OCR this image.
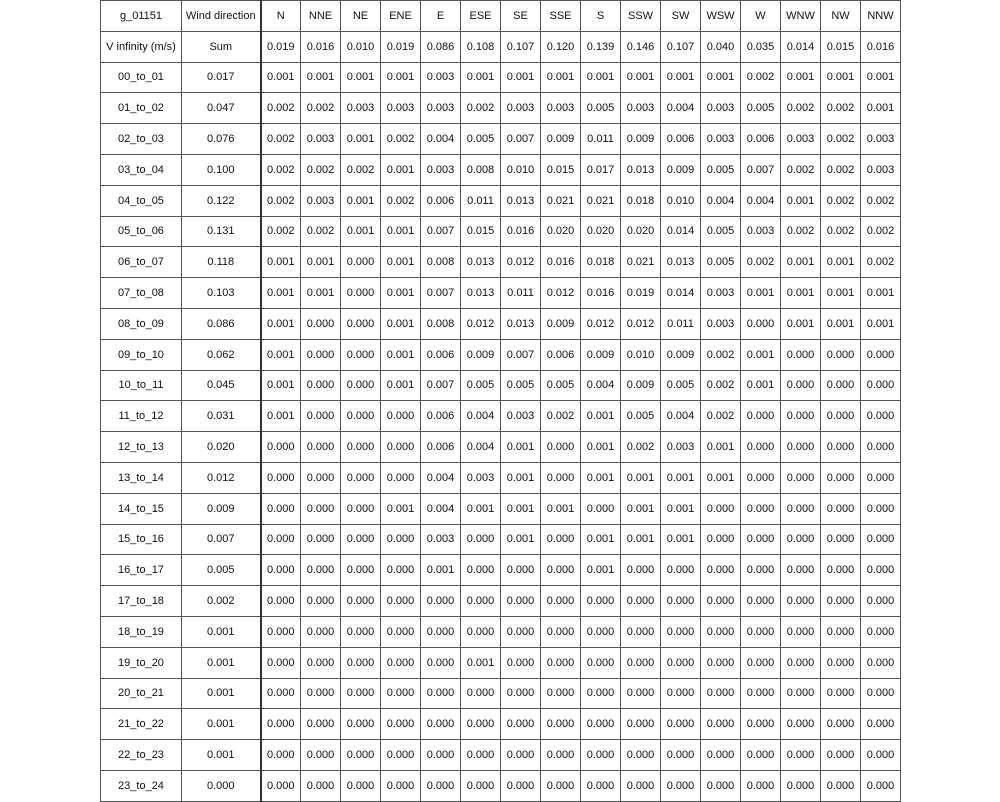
g_01151	Wind direction	N	NNE	NE	ENE	E	ESE	SE	SSE	S	SSW	SW	WSW	W	WNW	NW	NNW
V infinity (m/s)	Sum	0.019	0.016	0.010	0.019	0.086	0.108	0.107	0.120	0.139	0.146	0.107	0.040	0.035	0.014	0.015	0.016
00_to_01	0.017	0.001	0.001	0.001	0.001	0.003	0.001	0.001	0.001	0.001	0.001	0.001	0.001	0.002	0.001	0.001	0.001
01_to_02	0.047	0.002	0.002	0.003	0.003	0.003	0.002	0.003	0.003	0.005	0.003	0.004	0.003	0.005	0.002	0.002	0.001
02_to_03	0.076	0.002	0.003	0.001	0.002	0.004	0.005	0.007	0.009	0.011	0.009	0.006	0.003	0.006	0.003	0.002	0.003
03_to_04	0.100	0.002	0.002	0.002	0.001	0.003	0.008	0.010	0.015	0.017	0.013	0.009	0.005	0.007	0.002	0.002	0.003
04_to_05	0.122	0.002	0.003	0.001	0.002	0.006	0.011	0.013	0.021	0.021	0.018	0.010	0.004	0.004	0.001	0.002	0.002
05_to_06	0.131	0.002	0.002	0.001	0.001	0.007	0.015	0.016	0.020	0.020	0.020	0.014	0.005	0.003	0.002	0.002	0.002
06_to_07	0.118	0.001	0.001	0.000	0.001	0.008	0.013	0.012	0.016	0.018	0.021	0.013	0.005	0.002	0.001	0.001	0.002
07_to_08	0.103	0.001	0.001	0.000	0.001	0.007	0.013	0.011	0.012	0.016	0.019	0.014	0.003	0.001	0.001	0.001	0.001
08_to_09	0.086	0.001	0.000	0.000	0.001	0.008	0.012	0.013	0.009	0.012	0.012	0.011	0.003	0.000	0.001	0.001	0.001
09_to_10	0.062	0.001	0.000	0.000	0.001	0.006	0.009	0.007	0.006	0.009	0.010	0.009	0.002	0.001	0.000	0.000	0.000
10_to_11	0.045	0.001	0.000	0.000	0.001	0.007	0.005	0.005	0.005	0.004	0.009	0.005	0.002	0.001	0.000	0.000	0.000
11_to_12	0.031	0.001	0.000	0.000	0.000	0.006	0.004	0.003	0.002	0.001	0.005	0.004	0.002	0.000	0.000	0.000	0.000
12_to_13	0.020	0.000	0.000	0.000	0.000	0.006	0.004	0.001	0.000	0.001	0.002	0.003	0.001	0.000	0.000	0.000	0.000
13_to_14	0.012	0.000	0.000	0.000	0.000	0.004	0.003	0.001	0.000	0.001	0.001	0.001	0.001	0.000	0.000	0.000	0.000
14_to_15	0.009	0.000	0.000	0.000	0.001	0.004	0.001	0.001	0.001	0.000	0.001	0.001	0.000	0.000	0.000	0.000	0.000
15_to_16	0.007	0.000	0.000	0.000	0.000	0.003	0.000	0.001	0.000	0.001	0.001	0.001	0.000	0.000	0.000	0.000	0.000
16_to_17	0.005	0.000	0.000	0.000	0.000	0.001	0.000	0.000	0.000	0.001	0.000	0.000	0.000	0.000	0.000	0.000	0.000
17_to_18	0.002	0.000	0.000	0.000	0.000	0.000	0.000	0.000	0.000	0.000	0.000	0.000	0.000	0.000	0.000	0.000	0.000
18_to_19	0.001	0.000	0.000	0.000	0.000	0.000	0.000	0.000	0.000	0.000	0.000	0.000	0.000	0.000	0.000	0.000	0.000
19_to_20	0.001	0.000	0.000	0.000	0.000	0.000	0.001	0.000	0.000	0.000	0.000	0.000	0.000	0.000	0.000	0.000	0.000
20_to_21	0.001	0.000	0.000	0.000	0.000	0.000	0.000	0.000	0.000	0.000	0.000	0.000	0.000	0.000	0.000	0.000	0.000
21_to_22	0.001	0.000	0.000	0.000	0.000	0.000	0.000	0.000	0.000	0.000	0.000	0.000	0.000	0.000	0.000	0.000	0.000
22_to_23	0.001	0.000	0.000	0.000	0.000	0.000	0.000	0.000	0.000	0.000	0.000	0.000	0.000	0.000	0.000	0.000	0.000
23_to_24	0.000	0.000	0.000	0.000	0.000	0.000	0.000	0.000	0.000	0.000	0.000	0.000	0.000	0.000	0.000	0.000	0.000
